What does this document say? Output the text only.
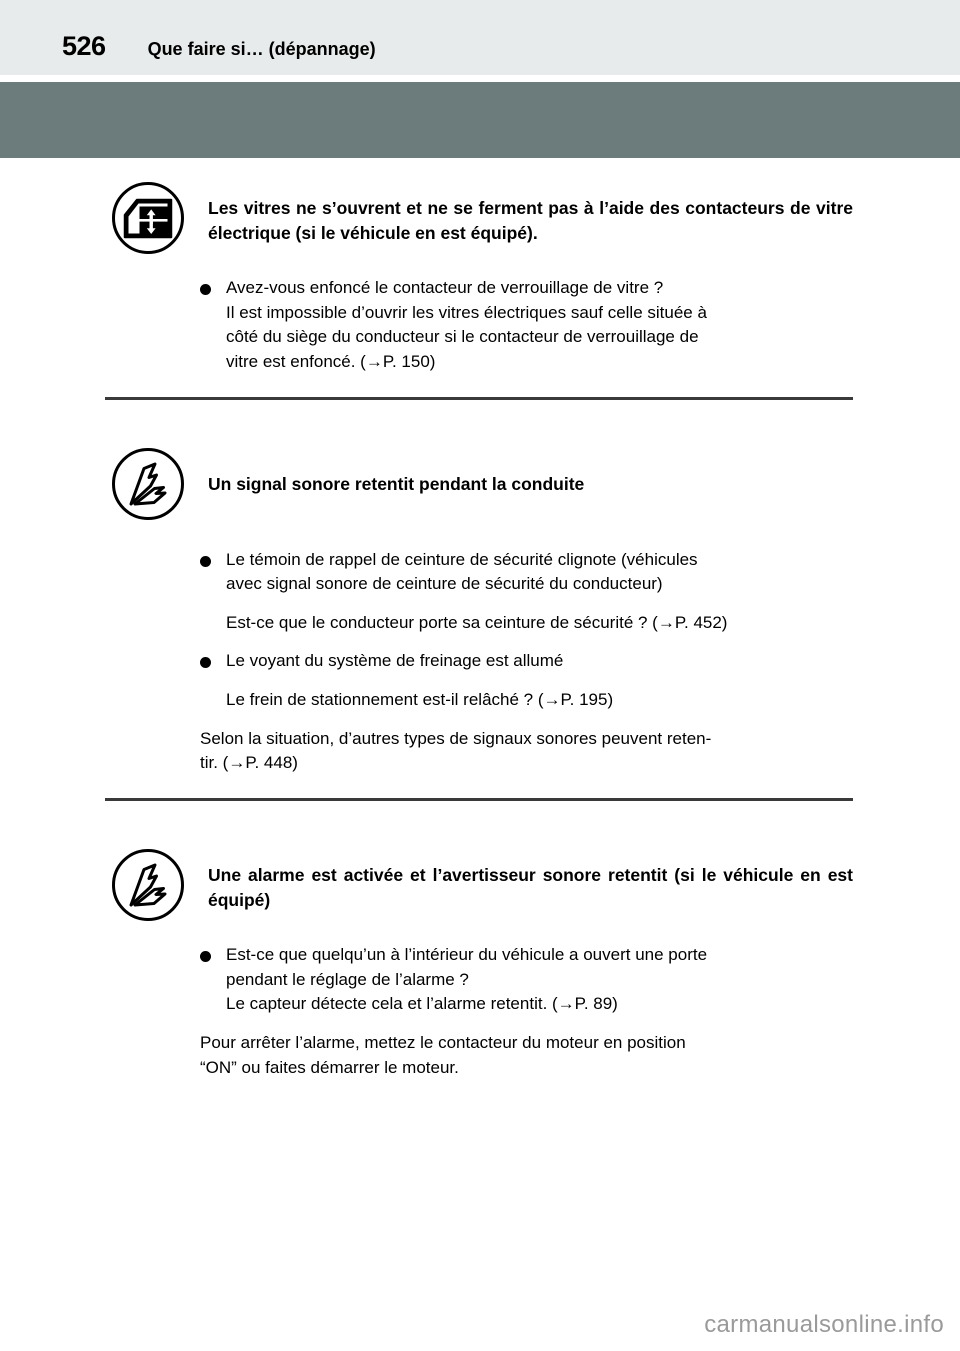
526 Que faire si… (dépannage)
Les vitres ne s’ouvrent et ne se ferment pas à l’aide des contacteurs de vitre électrique (si le véhicule en est équipé).
Avez-vous enfoncé le contacteur de verrouillage de vitre ?
Il est impossible d’ouvrir les vitres électriques sauf celle située à
côté du siège du conducteur si le contacteur de verrouillage de
vitre est enfoncé. (→P. 150)
Un signal sonore retentit pendant la conduite
Le témoin de rappel de ceinture de sécurité clignote (véhicules
avec signal sonore de ceinture de sécurité du conducteur)
Est-ce que le conducteur porte sa ceinture de sécurité ? (→P. 452)
Le voyant du système de freinage est allumé
Le frein de stationnement est-il relâché ? (→P. 195)
Selon la situation, d’autres types de signaux sonores peuvent reten-
tir. (→P. 448)
Une alarme est activée et l’avertisseur sonore retentit (si le véhicule en est équipé)
Est-ce que quelqu’un à l’intérieur du véhicule a ouvert une porte
pendant le réglage de l’alarme ?
Le capteur détecte cela et l’alarme retentit. (→P. 89)
Pour arrêter l’alarme, mettez le contacteur du moteur en position
“ON” ou faites démarrer le moteur.
carmanualsonline.info
